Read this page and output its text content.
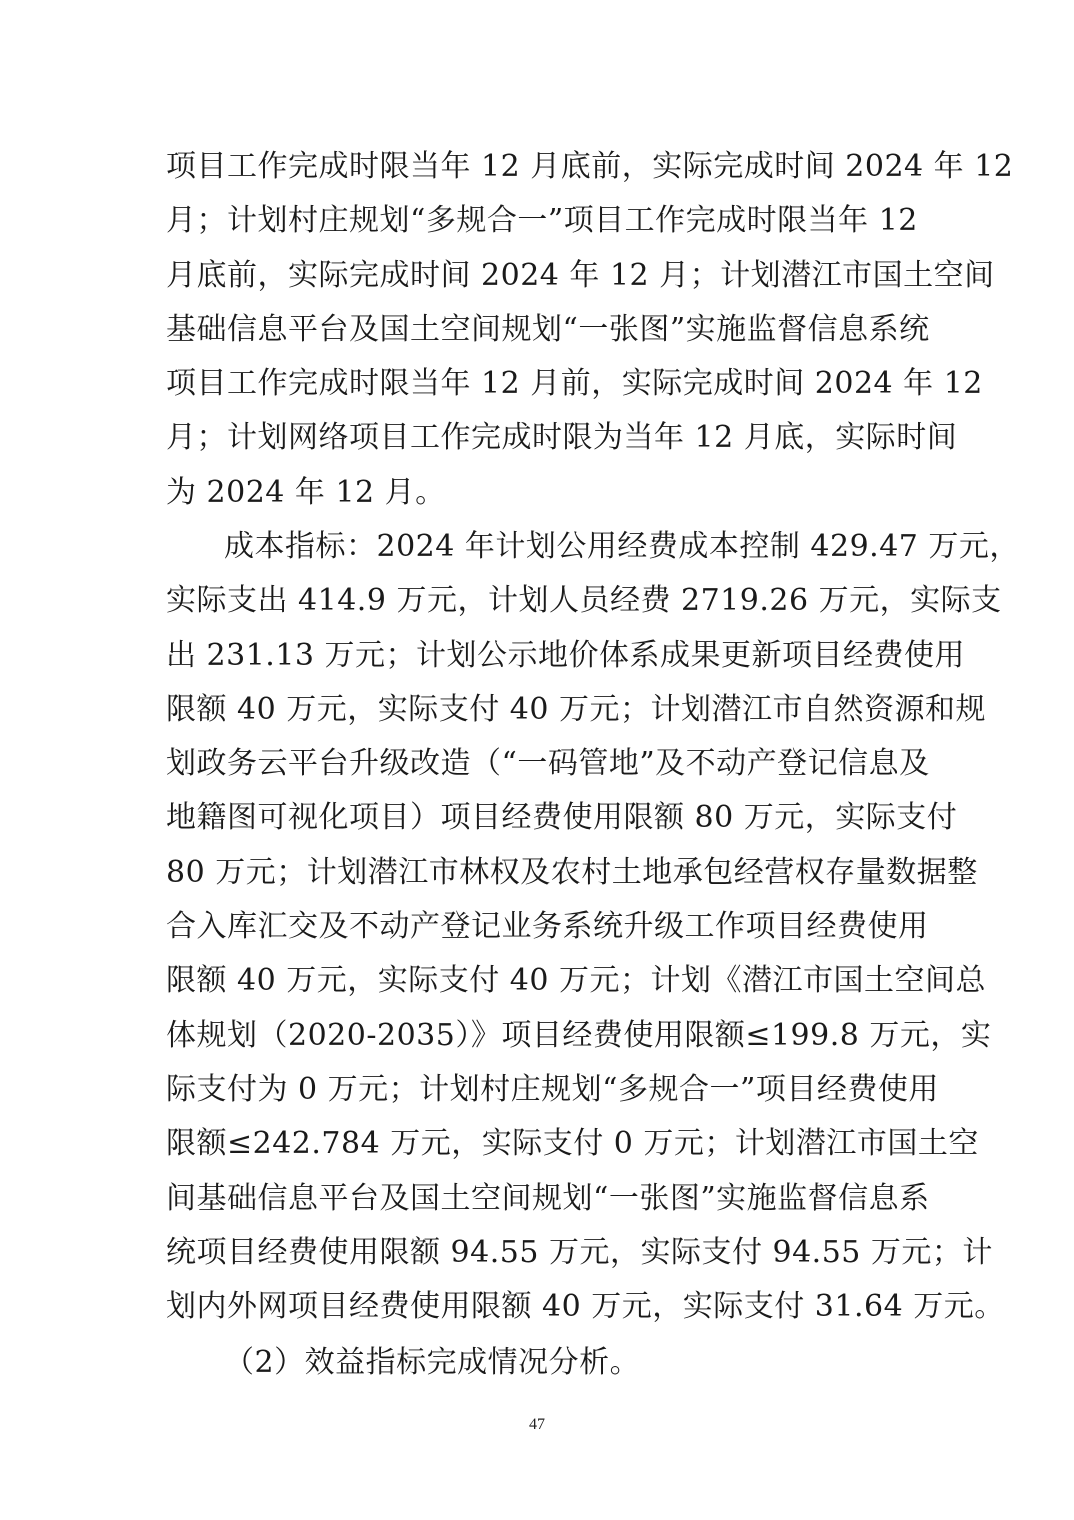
项目工作完成时限当年 12 月底前，实际完成时间 2024 年 12
月；计划村庄规划“多规合一”项目工作完成时限当年 12
月底前，实际完成时间 2024 年 12 月；计划潜江市国土空间
基础信息平台及国土空间规划“一张图”实施监督信息系统
项目工作完成时限当年 12 月前，实际完成时间 2024 年 12
月；计划网络项目工作完成时限为当年 12 月底，实际时间
为 2024 年 12 月。
成本指标：2024 年计划公用经费成本控制 429.47 万元，
实际支出 414.9 万元，计划人员经费 2719.26 万元，实际支
出 231.13 万元；计划公示地价体系成果更新项目经费使用
限额 40 万元，实际支付 40 万元；计划潜江市自然资源和规
划政务云平台升级改造（“一码管地”及不动产登记信息及
地籍图可视化项目）项目经费使用限额 80 万元，实际支付
80 万元；计划潜江市林权及农村土地承包经营权存量数据整
合入库汇交及不动产登记业务系统升级工作项目经费使用
限额 40 万元，实际支付 40 万元；计划《潜江市国土空间总
体规划（2020-2035）》项目经费使用限额≤199.8 万元，实
际支付为 0 万元；计划村庄规划“多规合一”项目经费使用
限额≤242.784 万元，实际支付 0 万元；计划潜江市国土空
间基础信息平台及国土空间规划“一张图”实施监督信息系
统项目经费使用限额 94.55 万元，实际支付 94.55 万元；计
划内外网项目经费使用限额 40 万元，实际支付 31.64 万元。
（2）效益指标完成情况分析。
47
